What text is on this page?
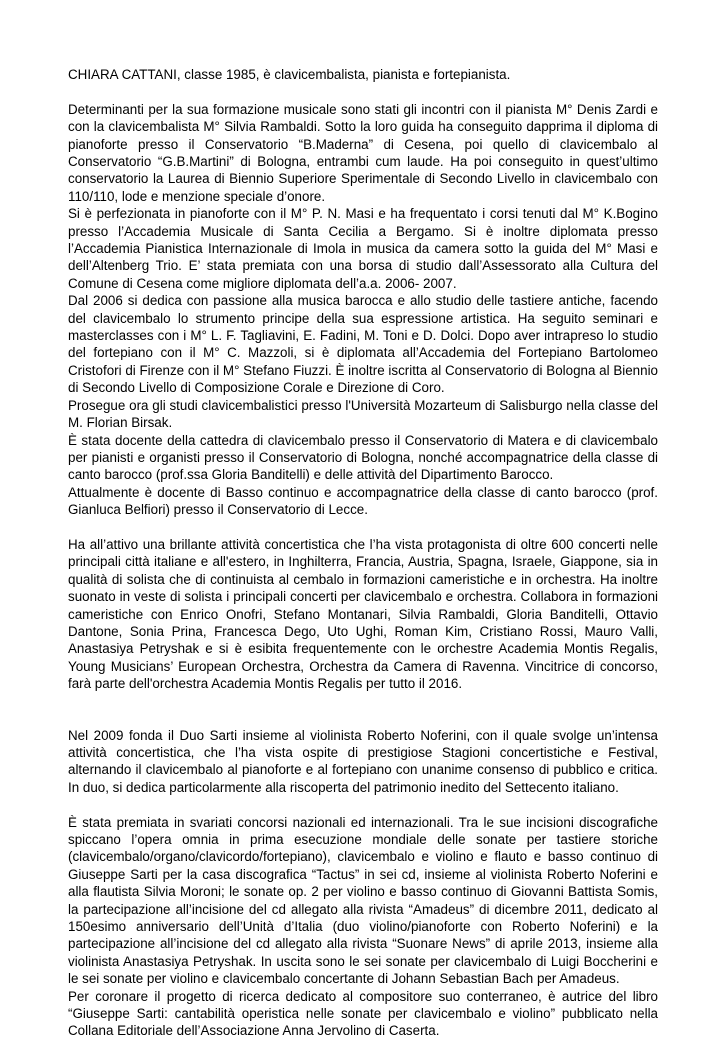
CHIARA CATTANI, classe 1985, è clavicembalista, pianista e fortepianista.

Determinanti per la sua formazione musicale sono stati gli incontri con il pianista M° Denis Zardi e con la clavicembalista M° Silvia Rambaldi. Sotto la loro guida ha conseguito dapprima il diploma di pianoforte presso il Conservatorio “B.Maderna” di Cesena, poi quello di clavicembalo al Conservatorio “G.B.Martini” di Bologna, entrambi cum laude. Ha poi conseguito in quest’ultimo conservatorio la Laurea di Biennio Superiore Sperimentale di Secondo Livello in clavicembalo con 110/110, lode e menzione speciale d’onore.

Si è perfezionata in pianoforte con il M° P. N. Masi e ha frequentato i corsi tenuti dal M° K.Bogino presso l’Accademia Musicale di Santa Cecilia a Bergamo. Si è inoltre diplomata presso l’Accademia Pianistica Internazionale di Imola in musica da camera sotto la guida del M° Masi e dell’Altenberg Trio. E’ stata premiata con una borsa di studio dall’Assessorato alla Cultura del Comune di Cesena come migliore diplomata dell’a.a. 2006- 2007.

Dal 2006 si dedica con passione alla musica barocca e allo studio delle tastiere antiche, facendo del clavicembalo lo strumento principe della sua espressione artistica. Ha seguito seminari e masterclasses con i M° L. F. Tagliavini, E. Fadini, M. Toni e D. Dolci. Dopo aver intrapreso lo studio del fortepiano con il M° C. Mazzoli, si è diplomata all’Accademia del Fortepiano Bartolomeo Cristofori di Firenze con il M° Stefano Fiuzzi. È inoltre iscritta al Conservatorio di Bologna al Biennio di Secondo Livello di Composizione Corale e Direzione di Coro.

Prosegue ora gli studi clavicembalistici presso l'Università Mozarteum di Salisburgo nella classe del M. Florian Birsak.

È stata docente della cattedra di clavicembalo presso il Conservatorio di Matera e di clavicembalo per pianisti e organisti presso il Conservatorio di Bologna, nonché accompagnatrice della classe di canto barocco (prof.ssa Gloria Banditelli) e delle attività del Dipartimento Barocco.

Attualmente è docente di Basso continuo e accompagnatrice della classe di canto barocco (prof. Gianluca Belfiori) presso il Conservatorio di Lecce.

Ha all’attivo una brillante attività concertistica che l’ha vista protagonista di oltre 600 concerti nelle principali città italiane e all'estero, in Inghilterra, Francia, Austria, Spagna, Israele, Giappone, sia in qualità di solista che di continuista al cembalo in formazioni cameristiche e in orchestra. Ha inoltre suonato in veste di solista i principali concerti per clavicembalo e orchestra. Collabora in formazioni cameristiche con Enrico Onofri, Stefano Montanari, Silvia Rambaldi, Gloria Banditelli, Ottavio Dantone, Sonia Prina, Francesca Dego, Uto Ughi, Roman Kim, Cristiano Rossi, Mauro Valli, Anastasiya Petryshak e si è esibita frequentemente con le orchestre Academia Montis Regalis, Young Musicians’ European Orchestra, Orchestra da Camera di Ravenna. Vincitrice di concorso, farà parte dell'orchestra Academia Montis Regalis per tutto il 2016.

Nel 2009 fonda il Duo Sarti insieme al violinista Roberto Noferini, con il quale svolge un’intensa attività concertistica, che l’ha vista ospite di prestigiose Stagioni concertistiche e Festival, alternando il clavicembalo al pianoforte e al fortepiano con unanime consenso di pubblico e critica. In duo, si dedica particolarmente alla riscoperta del patrimonio inedito del Settecento italiano.

È stata premiata in svariati concorsi nazionali ed internazionali. Tra le sue incisioni discografiche spiccano l’opera omnia in prima esecuzione mondiale delle sonate per tastiere storiche (clavicembalo/organo/clavicordo/fortepiano), clavicembalo e violino e flauto e basso continuo di Giuseppe Sarti per la casa discografica “Tactus” in sei cd, insieme al violinista Roberto Noferini e alla flautista Silvia Moroni; le sonate op. 2 per violino e basso continuo di Giovanni Battista Somis, la partecipazione all’incisione del cd allegato alla rivista “Amadeus” di dicembre 2011, dedicato al 150esimo anniversario dell’Unità d’Italia (duo violino/pianoforte con Roberto Noferini) e la partecipazione all’incisione del cd allegato alla rivista “Suonare News” di aprile 2013, insieme alla violinista Anastasiya Petryshak. In uscita sono le sei sonate per clavicembalo di Luigi Boccherini e le sei sonate per violino e clavicembalo concertante di Johann Sebastian Bach per Amadeus.

Per coronare il progetto di ricerca dedicato al compositore suo conterraneo, è autrice del libro “Giuseppe Sarti: cantabilità operistica nelle sonate per clavicembalo e violino” pubblicato nella Collana Editoriale dell’Associazione Anna Jervolino di Caserta.
